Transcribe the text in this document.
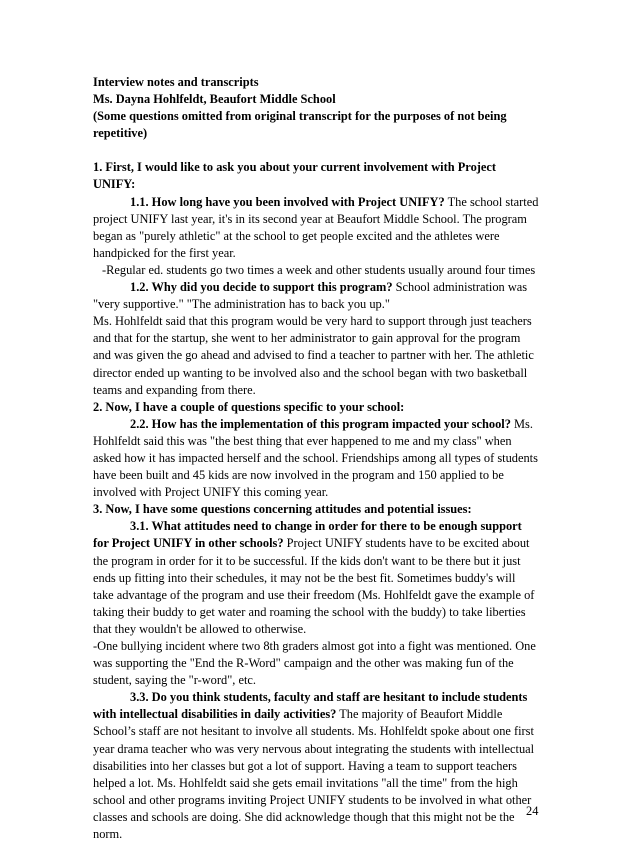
Interview notes and transcripts
Ms. Dayna Hohlfeldt, Beaufort Middle School
(Some questions omitted from original transcript for the purposes of not being
repetitive)
1. First, I would like to ask you about your current involvement with Project
UNIFY:
1.1. How long have you been involved with Project UNIFY? The school started
project UNIFY last year, it's in its second year at Beaufort Middle School. The program
began as "purely athletic" at the school to get people excited and the athletes were
handpicked for the first year.
-Regular ed. students go two times a week and other students usually around four times
1.2. Why did you decide to support this program? School administration was
"very supportive." "The administration has to back you up."
Ms. Hohlfeldt said that this program would be very hard to support through just teachers
and that for the startup, she went to her administrator to gain approval for the program
and was given the go ahead and advised to find a teacher to partner with her. The athletic
director ended up wanting to be involved also and the school began with two basketball
teams and expanding from there.
2. Now, I have a couple of questions specific to your school:
2.2. How has the implementation of this program impacted your school? Ms.
Hohlfeldt said this was "the best thing that ever happened to me and my class" when
asked how it has impacted herself and the school. Friendships among all types of students
have been built and 45 kids are now involved in the program and 150 applied to be
involved with Project UNIFY this coming year.
3. Now, I have some questions concerning attitudes and potential issues:
3.1. What attitudes need to change in order for there to be enough support
for Project UNIFY in other schools? Project UNIFY students have to be excited about
the program in order for it to be successful. If the kids don't want to be there but it just
ends up fitting into their schedules, it may not be the best fit. Sometimes buddy's will
take advantage of the program and use their freedom (Ms. Hohlfeldt gave the example of
taking their buddy to get water and roaming the school with the buddy) to take liberties
that they wouldn't be allowed to otherwise.
-One bullying incident where two 8th graders almost got into a fight was mentioned. One
was supporting the "End the R-Word" campaign and the other was making fun of the
student, saying the "r-word", etc.
3.3. Do you think students, faculty and staff are hesitant to include students
with intellectual disabilities in daily activities? The majority of Beaufort Middle
School’s staff are not hesitant to involve all students. Ms. Hohlfeldt spoke about one first
year drama teacher who was very nervous about integrating the students with intellectual
disabilities into her classes but got a lot of support. Having a team to support teachers
helped a lot. Ms. Hohlfeldt said she gets email invitations "all the time" from the high
school and other programs inviting Project UNIFY students to be involved in what other
classes and schools are doing. She did acknowledge though that this might not be the
norm.
24
